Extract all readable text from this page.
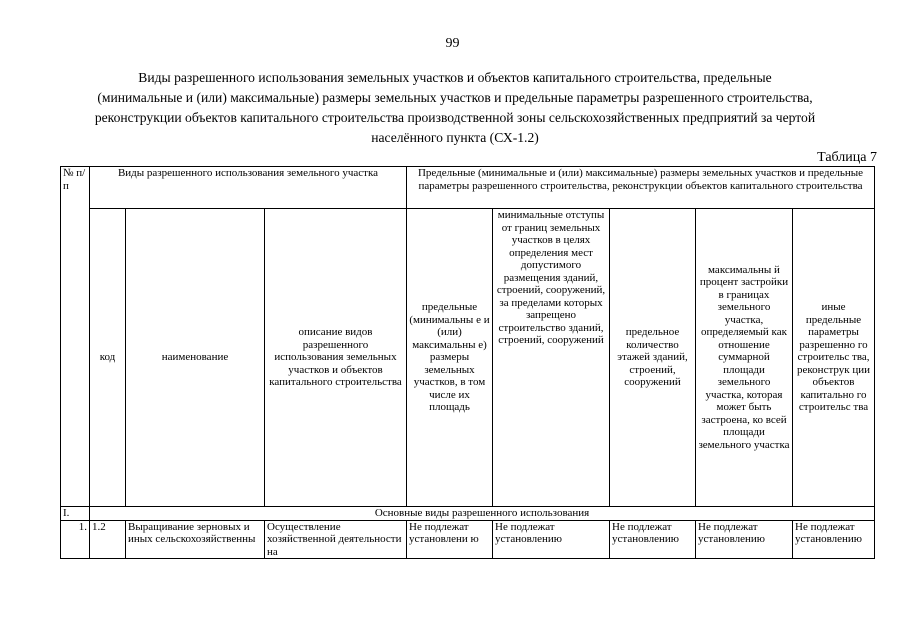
99
Виды разрешенного использования земельных участков и объектов капитального строительства, предельные
(минимальные и (или) максимальные) размеры земельных участков и предельные параметры разрешенного строительства,
реконструкции объектов капитального строительства производственной зоны сельскохозяйственных предприятий за чертой
населённого пункта (СХ-1.2)
Таблица 7
№ п/п	Виды разрешенного использования земельного участка			Предельные (минимальные и (или) максимальные) размеры земельных участков и предельные параметры разрешенного строительства, реконструкции объектов капитального строительства				
	код	наименование	описание видов разрешенного использования земельных участков и объектов капитального строительства	предельные (минимальны е и (или) максимальны е) размеры земельных участков, в том числе их площадь	минимальные отступы от границ земельных участков в целях определения мест допустимого размещения зданий, строений, сооружений, за пределами которых запрещено строительство зданий, строений, сооружений	предельное количество этажей зданий, строений, сооружений	максимальны й процент застройки в границах земельного участка, определяемый как отношение суммарной площади земельного участка, которая может быть застроена, ко всей площади земельного участка	иные предельные параметры разрешенно го строительс тва, реконструк ции объектов капитально го строительс тва
I.	Основные виды разрешенного использования							
1.	1.2	Выращивание зерновых и иных сельскохозяйственны	Осуществление хозяйственной деятельности на	Не подлежат установлени ю	Не подлежат установлению	Не подлежат установлению	Не подлежат установлению	Не подлежат установлению
